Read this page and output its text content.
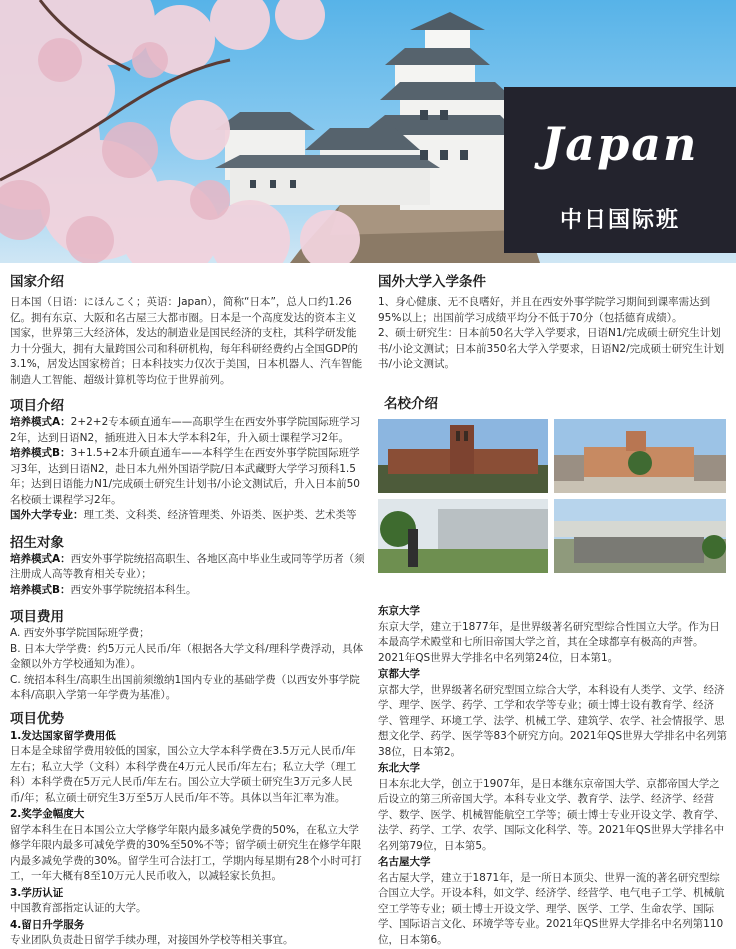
Japan
中日国际班
国家介绍

日本国（日语：にほんこく；英语：Japan），简称“日本”，总人口约1.26亿。拥有东京、大阪和名古屋三大都市圈。日本是一个高度发达的资本主义国家，世界第三大经济体，发达的制造业是国民经济的支柱，其科学研发能力十分强大，拥有大量跨国公司和科研机构，每年科研经费约占全国GDP的3.1%，居发达国家榜首；日本科技实力仅次于美国，日本机器人、汽车智能制造人工智能、超级计算机等均位于世界前列。

项目介绍

培养模式A：2+2+2专本硕直通车——高职学生在西安外事学院国际班学习2年，达到日语N2，插班进入日本大学本科2年，升入硕士课程学习2年。

培养模式B：3+1.5+2本升硕直通车——本科学生在西安外事学院国际班学习3年，达到日语N2，赴日本九州外国语学院/日本武藏野大学学习预科1.5年；达到日语能力N1/完成硕士研究生计划书/小论文测试后，升入日本前50名校硕士课程学习2年。

国外大学专业：理工类、文科类、经济管理类、外语类、医护类、艺术类等

招生对象

培养模式A：西安外事学院统招高职生、各地区高中毕业生或同等学历者（须注册成人高等教育相关专业）；

培养模式B：西安外事学院统招本科生。

项目费用

A. 西安外事学院国际班学费；

B. 日本大学学费：约5万元人民币/年（根据各大学文科/理科学费浮动，具体金额以外方学校通知为准）。

C. 统招本科生/高职生出国前须缴纳1国内专业的基础学费（以西安外事学院本科/高职入学第一年学费为基准）。

项目优势

1.发达国家留学费用低

日本是全球留学费用较低的国家，国公立大学本科学费在3.5万元人民币/年左右；私立大学（文科）本科学费在4万元人民币/年左右；私立大学（理工科）本科学费在5万元人民币/年左右。国公立大学硕士研究生3万元多人民币/年；私立硕士研究生3万至5万人民币/年不等。具体以当年汇率为准。

2.奖学金幅度大

留学本科生在日本国公立大学修学年限内最多减免学费的50%，在私立大学修学年限内最多可减免学费的30%至50%不等；留学硕士研究生在修学年限内最多减免学费的30%。留学生可合法打工，学期内每星期有28个小时可打工，一年大概有8至10万元人民币收入，以减轻家长负担。

3.学历认证

中国教育部指定认证的大学。

4.留日升学服务

专业团队负责赴日留学手续办理，对接国外学校等相关事宜。

国外大学入学条件

1、身心健康、无不良嗜好，并且在西安外事学院学习期间到课率需达到95%以上；出国前学习成绩平均分不低于70分（包括德育成绩）。

2、硕士研究生：日本前50名大学入学要求，日语N1/完成硕士研究生计划书/小论文测试；日本前350名大学入学要求，日语N2/完成硕士研究生计划书/小论文测试。

名校介绍

东京大学

东京大学，建立于1877年，是世界级著名研究型综合性国立大学。作为日本最高学术殿堂和七所旧帝国大学之首，其在全球都享有极高的声誉。2021年QS世界大学排名中名列第24位，日本第1。

京都大学

京都大学，世界级著名研究型国立综合大学，本科设有人类学、文学、经济学、理学、医学、药学、工学和农学等专业；硕士博士设有教育学、经济学、管理学、环境工学、法学、机械工学、建筑学、农学、社会情报学、思想文化学、药学、医学等83个研究方向。2021年QS世界大学排名中名列第38位，日本第2。

东北大学

日本东北大学，创立于1907年，是日本继东京帝国大学、京都帝国大学之后设立的第三所帝国大学。本科专业文学、教育学、法学、经济学、经营学、数学、医学、机械智能航空工学等；硕士博士专业开设文学、教育学、法学、药学、工学、农学、国际文化科学、等。2021年QS世界大学排名中名列第79位，日本第5。

名古屋大学

名古屋大学，建立于1871年，是一所日本顶尖、世界一流的著名研究型综合国立大学。开设本科，如文学、经济学、经营学、电气电子工学、机械航空工学等专业；硕士博士开设文学、理学、医学、工学、生命农学、国际学、国际语言文化、环境学等专业。2021年QS世界大学排名中名列第110位，日本第6。
